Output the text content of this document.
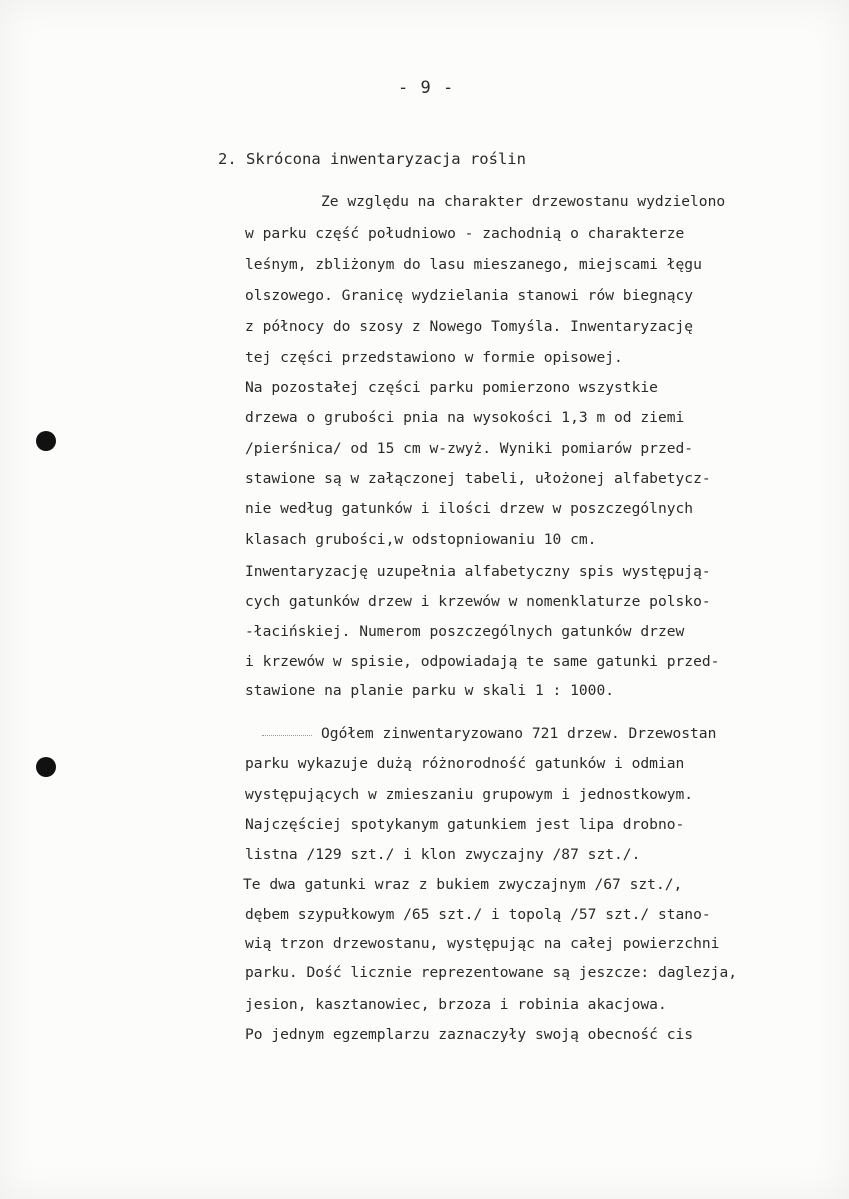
- 9 -
2. Skrócona inwentaryzacja roślin
Ze względu na charakter drzewostanu wydzielono
w parku część południowo - zachodnią o charakterze
leśnym, zbliżonym do lasu mieszanego, miejscami łęgu
olszowego. Granicę wydzielania stanowi rów biegnący
z północy do szosy z Nowego Tomyśla. Inwentaryzację
tej części przedstawiono w formie opisowej.
Na pozostałej części parku pomierzono wszystkie
drzewa o grubości pnia na wysokości 1,3 m od ziemi
/pierśnica/ od 15 cm w-zwyż. Wyniki pomiarów przed-
stawione są w załączonej tabeli, ułożonej alfabetycz-
nie według gatunków i ilości drzew w poszczególnych
klasach grubości,w odstopniowaniu 10 cm.
Inwentaryzację uzupełnia alfabetyczny spis występują-
cych gatunków drzew i krzewów w nomenklaturze polsko-
-łacińskiej. Numerom poszczególnych gatunków drzew
i krzewów w spisie, odpowiadają te same gatunki przed-
stawione na planie parku w skali 1 : 1000.
Ogółem zinwentaryzowano 721 drzew. Drzewostan
parku wykazuje dużą różnorodność gatunków i odmian
występujących w zmieszaniu grupowym i jednostkowym.
Najczęściej spotykanym gatunkiem jest lipa drobno-
listna /129 szt./ i klon zwyczajny /87 szt./.
Te dwa gatunki wraz z bukiem zwyczajnym /67 szt./,
dębem szypułkowym /65 szt./ i topolą /57 szt./ stano-
wią trzon drzewostanu, występując na całej powierzchni
parku. Dość licznie reprezentowane są jeszcze: daglezja,
jesion, kasztanowiec, brzoza i robinia akacjowa.
Po jednym egzemplarzu zaznaczyły swoją obecność cis
